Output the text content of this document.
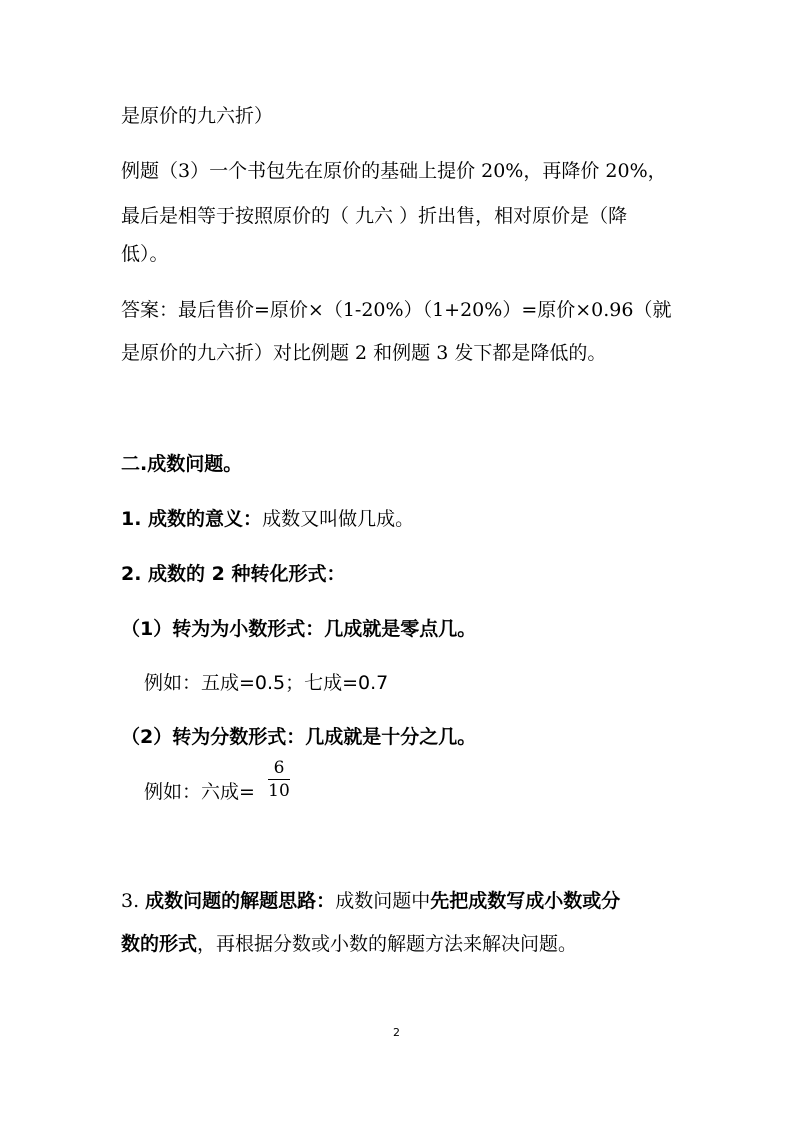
是原价的九六折）
例题（3）一个书包先在原价的基础上提价 20%，再降价 20%，
最后是相等于按照原价的（ 九六 ）折出售，相对原价是（降
低）。
答案：最后售价=原价×（1-20%）（1+20%）=原价×0.96（就
是原价的九六折）对比例题 2 和例题 3 发下都是降低的。
二.成数问题。
1. 成数的意义：成数又叫做几成。
2. 成数的 2 种转化形式：
（1）转为为小数形式：几成就是零点几。
例如：五成=0.5；七成=0.7
（2）转为分数形式：几成就是十分之几。
例如：六成=
6
10
3. 成数问题的解题思路：成数问题中先把成数写成小数或分
数的形式，再根据分数或小数的解题方法来解决问题。
2
